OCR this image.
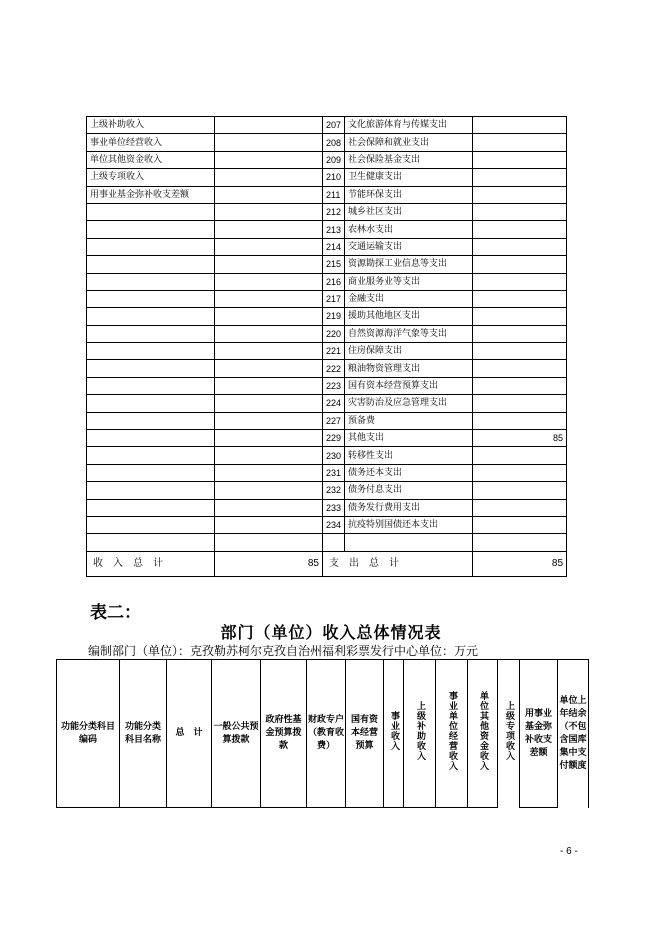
上级补助收入		207	文化旅游体育与传媒支出	
事业单位经营收入		208	社会保障和就业支出	
单位其他资金收入		209	社会保险基金支出	
上级专项收入		210	卫生健康支出	
用事业基金弥补收支差额		211	节能环保支出	
		212	城乡社区支出	
		213	农林水支出	
		214	交通运输支出	
		215	资源勘探工业信息等支出	
		216	商业服务业等支出	
		217	金融支出	
		219	援助其他地区支出	
		220	自然资源海洋气象等支出	
		221	住房保障支出	
		222	粮油物资管理支出	
		223	国有资本经营预算支出	
		224	灾害防治及应急管理支出	
		227	预备费	
		229	其他支出	85
		230	转移性支出	
		231	债务还本支出	
		232	债务付息支出	
		233	债务发行费用支出	
		234	抗疫特别国债还本支出	

收　入　总　计	85	支　出　总　计		85
表二：
部门（单位）收入总体情况表
编制部门（单位）：克孜勒苏柯尔克孜自治州福利彩票发行中心单位：万元
功能分类科目编码	功能分类科目名称	总　计	一般公共预算拨款	政府性基金预算拨款	财政专户（教育收费）	国有资本经营预算	事业收入	上级补助收入	事业单位经营收入	单位其他资金收入	上级专项收入	用事业基金弥补收支差额	单位上年结余（不包含国库集中支付额度
- 6 -
